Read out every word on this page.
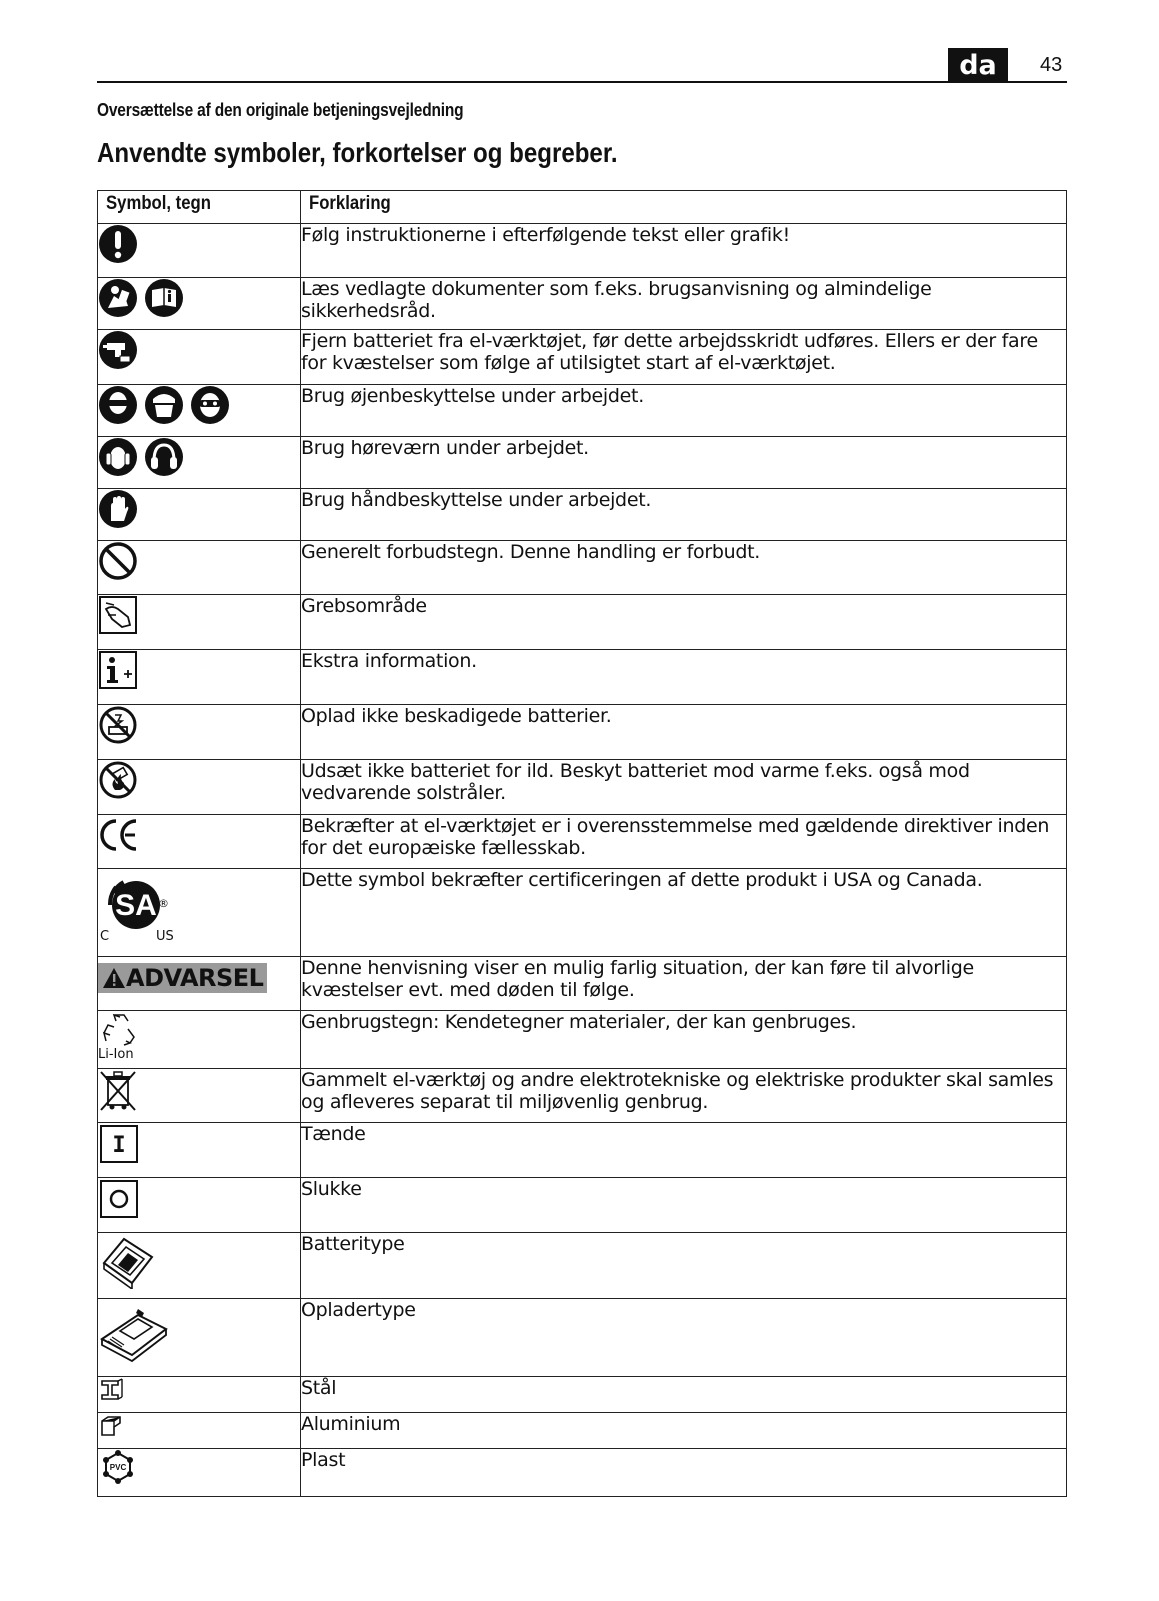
da	43
Oversættelse af den originale betjeningsvejledning
Anvendte symboler, forkortelser og begreber.
Symbol, tegn	Forklaring

	Følg instruktionerne i efterfølgende tekst eller grafik!

	Læs vedlagte dokumenter som f.eks. brugsanvisning og almindelige sikkerhedsråd.

	Fjern batteriet fra el-værktøjet, før dette arbejdsskridt udføres. Ellers er der fare for kvæstelser som følge af utilsigtet start af el-værktøjet.

	Brug øjenbeskyttelse under arbejdet.

	Brug høreværn under arbejdet.

	Brug håndbeskyttelse under arbejdet.

	Generelt forbudstegn. Denne handling er forbudt.

	Grebsområde

	Ekstra information.

	Oplad ikke beskadigede batterier.

	Udsæt ikke batteriet for ild. Beskyt batteriet mod varme f.eks. også mod vedvarende solstråler.

	Bekræfter at el-værktøjet er i overensstemmelse med gældende direktiver inden for det europæiske fællesskab.

SA ®
C US	Dette symbol bekræfter certificeringen af dette produkt i USA og Canada.

ADVARSEL	Denne henvisning viser en mulig farlig situation, der kan føre til alvorlige kvæstelser evt. med døden til følge.

Li-Ion	Genbrugstegn: Kendetegner materialer, der kan genbruges.

	Gammelt el-værktøj og andre elektrotekniske og elektriske produkter skal samles og afleveres separat til miljøvenlig genbrug.

I	Tænde

	Slukke

	Batteritype

	Opladertype

	Stål

	Aluminium

PVC	Plast
